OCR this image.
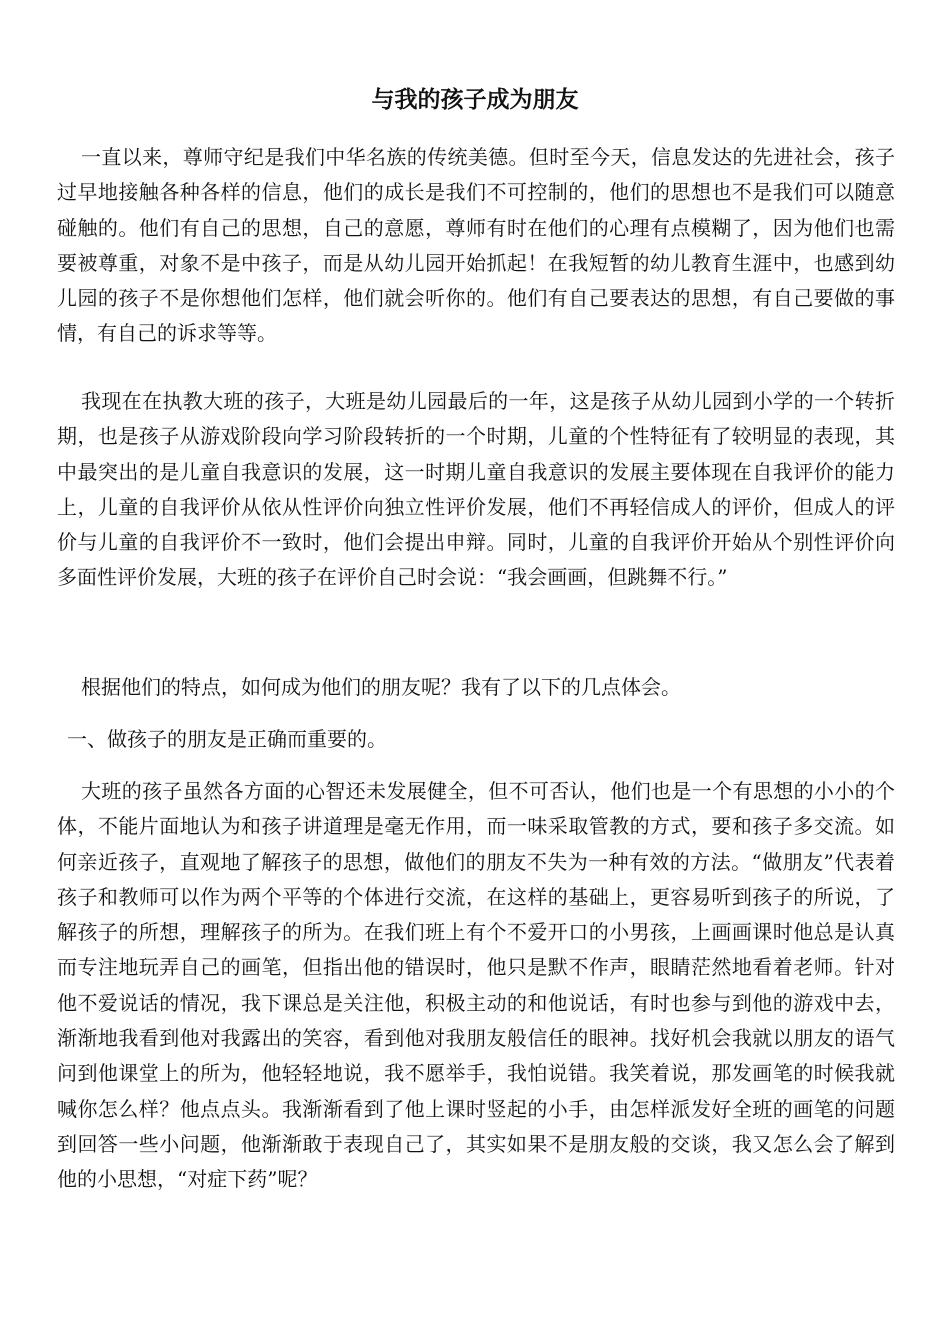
与我的孩子成为朋友

一直以来，尊师守纪是我们中华名族的传统美德。但时至今天，信息发达的先进社会，孩子过早地接触各种各样的信息，他们的成长是我们不可控制的，他们的思想也不是我们可以随意碰触的。他们有自己的思想，自己的意愿，尊师有时在他们的心理有点模糊了，因为他们也需要被尊重，对象不是中孩子，而是从幼儿园开始抓起！在我短暂的幼儿教育生涯中，也感到幼儿园的孩子不是你想他们怎样，他们就会听你的。他们有自己要表达的思想，有自己要做的事情，有自己的诉求等等。

我现在在执教大班的孩子，大班是幼儿园最后的一年，这是孩子从幼儿园到小学的一个转折期，也是孩子从游戏阶段向学习阶段转折的一个时期，儿童的个性特征有了较明显的表现，其中最突出的是儿童自我意识的发展，这一时期儿童自我意识的发展主要体现在自我评价的能力上，儿童的自我评价从依从性评价向独立性评价发展，他们不再轻信成人的评价，但成人的评价与儿童的自我评价不一致时，他们会提出申辩。同时，儿童的自我评价开始从个别性评价向多面性评价发展，大班的孩子在评价自己时会说：“我会画画，但跳舞不行。”

根据他们的特点，如何成为他们的朋友呢？我有了以下的几点体会。

一、做孩子的朋友是正确而重要的。

大班的孩子虽然各方面的心智还未发展健全，但不可否认，他们也是一个有思想的小小的个体，不能片面地认为和孩子讲道理是毫无作用，而一味采取管教的方式，要和孩子多交流。如何亲近孩子，直观地了解孩子的思想，做他们的朋友不失为一种有效的方法。“做朋友”代表着孩子和教师可以作为两个平等的个体进行交流，在这样的基础上，更容易听到孩子的所说，了解孩子的所想，理解孩子的所为。在我们班上有个不爱开口的小男孩，上画画课时他总是认真而专注地玩弄自己的画笔，但指出他的错误时，他只是默不作声，眼睛茫然地看着老师。针对他不爱说话的情况，我下课总是关注他，积极主动的和他说话，有时也参与到他的游戏中去，渐渐地我看到他对我露出的笑容，看到他对我朋友般信任的眼神。找好机会我就以朋友的语气问到他课堂上的所为，他轻轻地说，我不愿举手，我怕说错。我笑着说，那发画笔的时候我就喊你怎么样？他点点头。我渐渐看到了他上课时竖起的小手，由怎样派发好全班的画笔的问题到回答一些小问题，他渐渐敢于表现自己了，其实如果不是朋友般的交谈，我又怎么会了解到他的小思想，“对症下药”呢？
